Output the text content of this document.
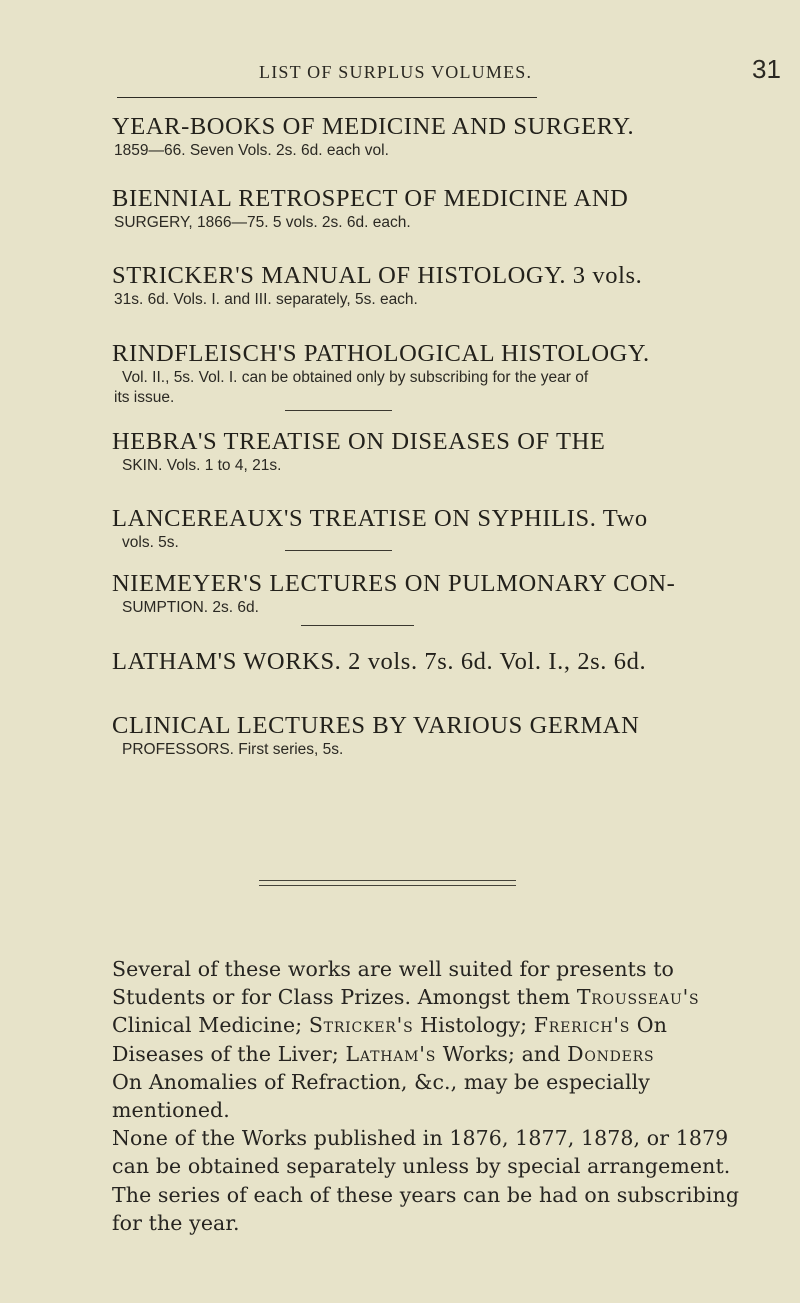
LIST OF SURPLUS VOLUMES.	31
YEAR-BOOKS OF MEDICINE AND SURGERY.
1859—66. Seven Vols. 2s. 6d. each vol.
BIENNIAL RETROSPECT OF MEDICINE AND
SURGERY, 1866—75. 5 vols. 2s. 6d. each.
STRICKER'S MANUAL OF HISTOLOGY. 3 vols.
31s. 6d. Vols. I. and III. separately, 5s. each.
RINDFLEISCH'S PATHOLOGICAL HISTOLOGY.
Vol. II., 5s. Vol. I. can be obtained only by subscribing for the year of
its issue.
HEBRA'S TREATISE ON DISEASES OF THE
SKIN. Vols. 1 to 4, 21s.
LANCEREAUX'S TREATISE ON SYPHILIS. Two
vols. 5s.
NIEMEYER'S LECTURES ON PULMONARY CON-
SUMPTION. 2s. 6d.
LATHAM'S WORKS. 2 vols. 7s. 6d. Vol. I., 2s. 6d.
CLINICAL LECTURES BY VARIOUS GERMAN
PROFESSORS. First series, 5s.
Several of these works are well suited for presents to
Students or for Class Prizes. Amongst them Trousseau's
Clinical Medicine; Stricker's Histology; Frerich's On
Diseases of the Liver; Latham's Works; and Donders
On Anomalies of Refraction, &c., may be especially
mentioned.
None of the Works published in 1876, 1877, 1878, or 1879
can be obtained separately unless by special arrangement.
The series of each of these years can be had on subscribing
for the year.
